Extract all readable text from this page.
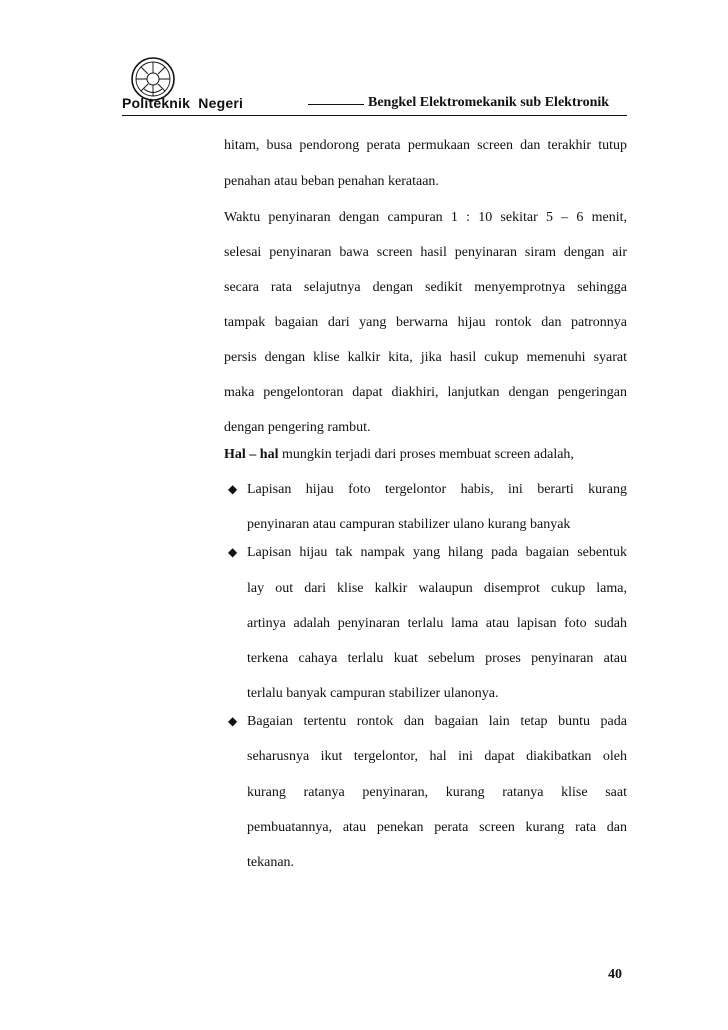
Politeknik  Negeri	Bengkel Elektromekanik sub Elektronik
hitam, busa pendorong perata permukaan screen dan terakhir tutup
penahan atau beban penahan kerataan.
Waktu penyinaran dengan campuran 1 : 10 sekitar 5 – 6 menit,
selesai penyinaran bawa screen hasil penyinaran siram dengan air
secara rata selajutnya dengan sedikit menyemprotnya sehingga
tampak bagaian dari yang berwarna hijau rontok dan patronnya
persis dengan klise kalkir kita, jika hasil cukup memenuhi syarat
maka pengelontoran dapat diakhiri, lanjutkan dengan pengeringan
dengan pengering rambut.
Hal – hal mungkin terjadi dari proses membuat screen adalah,
◆ Lapisan hijau foto tergelontor habis, ini berarti kurang
penyinaran atau campuran stabilizer ulano kurang banyak
◆ Lapisan hijau tak nampak yang hilang pada bagaian sebentuk
lay out dari klise kalkir walaupun disemprot cukup lama,
artinya adalah penyinaran terlalu lama atau lapisan foto sudah
terkena cahaya terlalu kuat sebelum proses penyinaran atau
terlalu banyak campuran stabilizer ulanonya.
◆ Bagaian tertentu rontok dan bagaian lain tetap buntu pada
seharusnya ikut tergelontor, hal ini dapat diakibatkan oleh
kurang ratanya penyinaran, kurang ratanya klise saat
pembuatannya, atau penekan perata screen kurang rata dan
tekanan.
40
